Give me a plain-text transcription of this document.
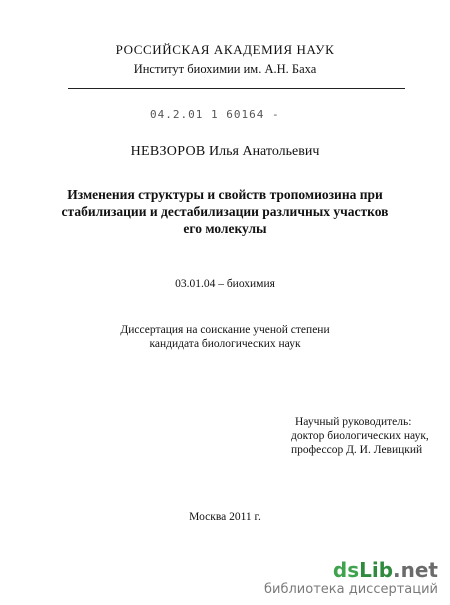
РОССИЙСКАЯ АКАДЕМИЯ НАУК
Институт биохимии им. А.Н. Баха
04.2.01 1 60164 -
НЕВЗОРОВ Илья Анатольевич
Изменения структуры и свойств тропомиозина при
стабилизации и дестабилизации различных участков
его молекулы
03.01.04 – биохимия
Диссертация на соискание ученой степени
кандидата биологических наук
Научный руководитель:
доктор биологических наук,
профессор Д. И. Левицкий
Москва 2011 г.
dsLib.net
библиотека диссертаций
